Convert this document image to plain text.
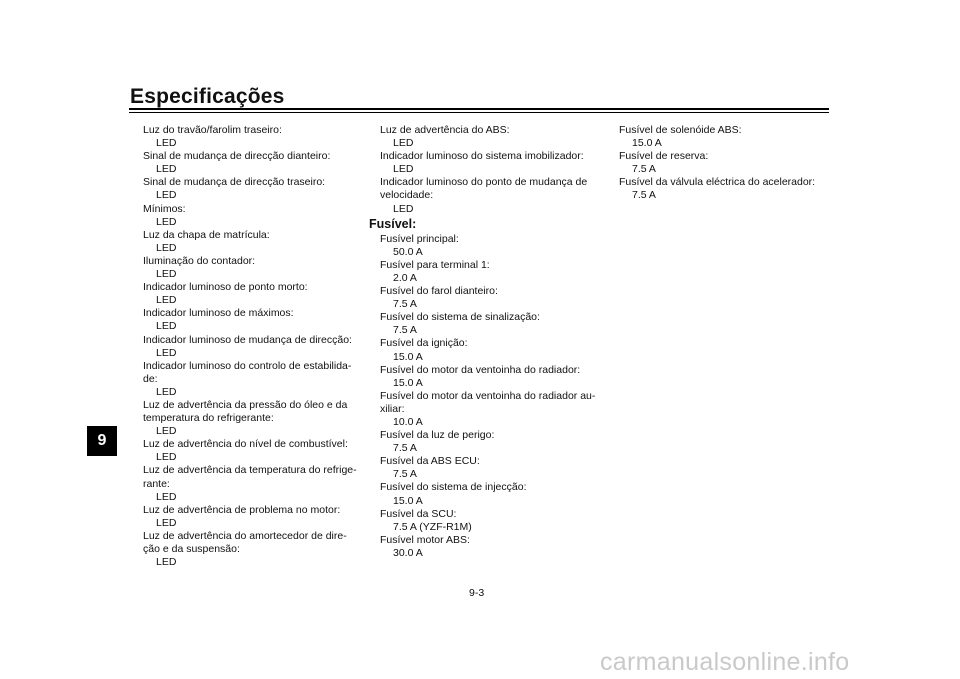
Especificações
9
Luz do travão/farolim traseiro:
LED
Sinal de mudança de direcção dianteiro:
LED
Sinal de mudança de direcção traseiro:
LED
Mínimos:
LED
Luz da chapa de matrícula:
LED
Iluminação do contador:
LED
Indicador luminoso de ponto morto:
LED
Indicador luminoso de máximos:
LED
Indicador luminoso de mudança de direcção:
LED
Indicador luminoso do controlo de estabilida-de:
LED
Luz de advertência da pressão do óleo e da temperatura do refrigerante:
LED
Luz de advertência do nível de combustível:
LED
Luz de advertência da temperatura do refrige-rante:
LED
Luz de advertência de problema no motor:
LED
Luz de advertência do amortecedor de dire-ção e da suspensão:
LED
Luz de advertência do ABS:
LED
Indicador luminoso do sistema imobilizador:
LED
Indicador luminoso do ponto de mudança de velocidade:
LED
Fusível:
Fusível principal:
50.0 A
Fusível para terminal 1:
2.0 A
Fusível do farol dianteiro:
7.5 A
Fusível do sistema de sinalização:
7.5 A
Fusível da ignição:
15.0 A
Fusível do motor da ventoinha do radiador:
15.0 A
Fusível do motor da ventoinha do radiador au-xiliar:
10.0 A
Fusível da luz de perigo:
7.5 A
Fusível da ABS ECU:
7.5 A
Fusível do sistema de injecção:
15.0 A
Fusível da SCU:
7.5 A (YZF-R1M)
Fusível motor ABS:
30.0 A
Fusível de solenóide ABS:
15.0 A
Fusível de reserva:
7.5 A
Fusível da válvula eléctrica do acelerador:
7.5 A
9-3
carmanualsonline.info
